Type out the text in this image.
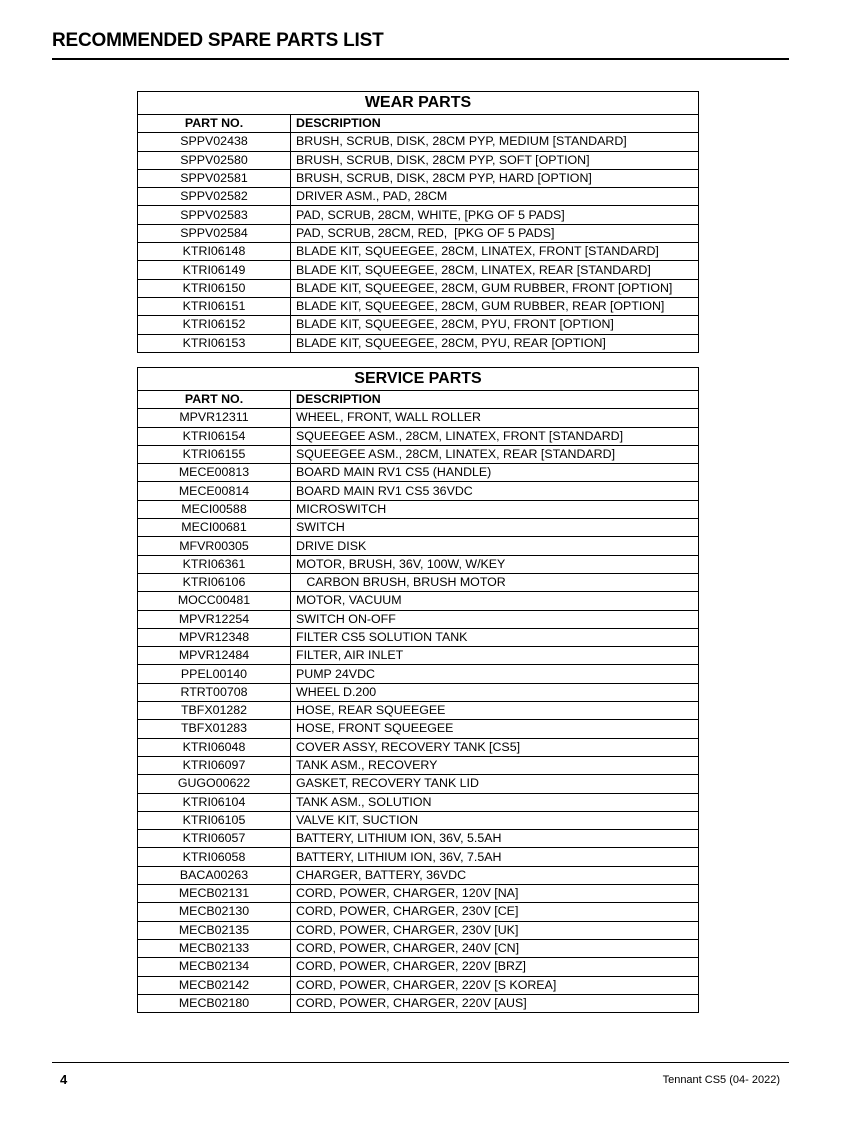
RECOMMENDED SPARE PARTS LIST
WEAR PARTS	
PART NO.	DESCRIPTION
SPPV02438	BRUSH, SCRUB, DISK, 28CM PYP, MEDIUM [STANDARD]
SPPV02580	BRUSH, SCRUB, DISK, 28CM PYP, SOFT [OPTION]
SPPV02581	BRUSH, SCRUB, DISK, 28CM PYP, HARD [OPTION]
SPPV02582	DRIVER ASM., PAD, 28CM
SPPV02583	PAD, SCRUB, 28CM, WHITE, [PKG OF 5 PADS]
SPPV02584	PAD, SCRUB, 28CM, RED,  [PKG OF 5 PADS]
KTRI06148	BLADE KIT, SQUEEGEE, 28CM, LINATEX, FRONT [STANDARD]
KTRI06149	BLADE KIT, SQUEEGEE, 28CM, LINATEX, REAR [STANDARD]
KTRI06150	BLADE KIT, SQUEEGEE, 28CM, GUM RUBBER, FRONT [OPTION]
KTRI06151	BLADE KIT, SQUEEGEE, 28CM, GUM RUBBER, REAR [OPTION]
KTRI06152	BLADE KIT, SQUEEGEE, 28CM, PYU, FRONT [OPTION]
KTRI06153	BLADE KIT, SQUEEGEE, 28CM, PYU, REAR [OPTION]
SERVICE PARTS	
PART NO.	DESCRIPTION
MPVR12311	WHEEL, FRONT, WALL ROLLER
KTRI06154	SQUEEGEE ASM., 28CM, LINATEX, FRONT [STANDARD]
KTRI06155	SQUEEGEE ASM., 28CM, LINATEX, REAR [STANDARD]
MECE00813	BOARD MAIN RV1 CS5 (HANDLE)
MECE00814	BOARD MAIN RV1 CS5 36VDC
MECI00588	MICROSWITCH
MECI00681	SWITCH
MFVR00305	DRIVE DISK
KTRI06361	MOTOR, BRUSH, 36V, 100W, W/KEY
KTRI06106	CARBON BRUSH, BRUSH MOTOR
MOCC00481	MOTOR, VACUUM
MPVR12254	SWITCH ON-OFF
MPVR12348	FILTER CS5 SOLUTION TANK
MPVR12484	FILTER, AIR INLET
PPEL00140	PUMP 24VDC
RTRT00708	WHEEL D.200
TBFX01282	HOSE, REAR SQUEEGEE
TBFX01283	HOSE, FRONT SQUEEGEE
KTRI06048	COVER ASSY, RECOVERY TANK [CS5]
KTRI06097	TANK ASM., RECOVERY
GUGO00622	GASKET, RECOVERY TANK LID
KTRI06104	TANK ASM., SOLUTION
KTRI06105	VALVE KIT, SUCTION
KTRI06057	BATTERY, LITHIUM ION, 36V, 5.5AH
KTRI06058	BATTERY, LITHIUM ION, 36V, 7.5AH
BACA00263	CHARGER, BATTERY, 36VDC
MECB02131	CORD, POWER, CHARGER, 120V [NA]
MECB02130	CORD, POWER, CHARGER, 230V [CE]
MECB02135	CORD, POWER, CHARGER, 230V [UK]
MECB02133	CORD, POWER, CHARGER, 240V [CN]
MECB02134	CORD, POWER, CHARGER, 220V [BRZ]
MECB02142	CORD, POWER, CHARGER, 220V [S KOREA]
MECB02180	CORD, POWER, CHARGER, 220V [AUS]
4	Tennant CS5 (04- 2022)
